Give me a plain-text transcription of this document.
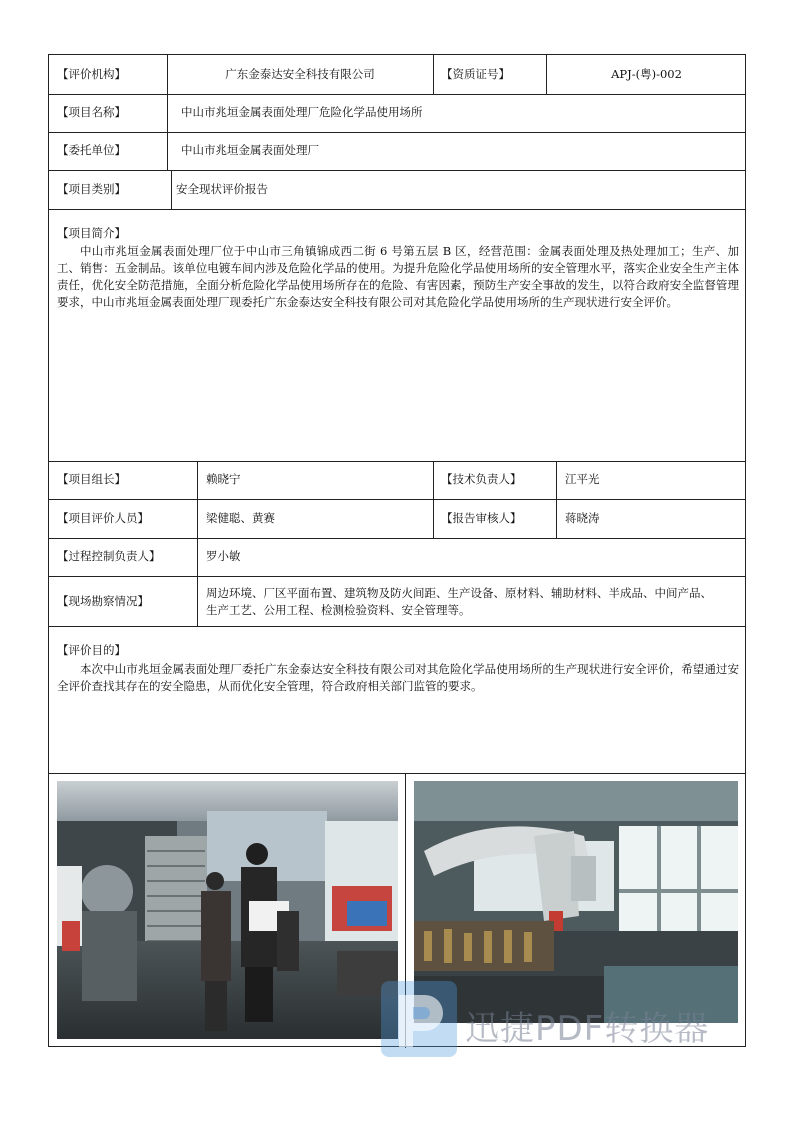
【评价机构】	广东金泰达安全科技有限公司	【资质证号】	APJ-(粤)-002
【项目名称】	中山市兆垣金属表面处理厂危险化学品使用场所
【委托单位】	中山市兆垣金属表面处理厂
【项目类别】	安全现状评价报告
【项目简介】
中山市兆垣金属表面处理厂位于中山市三角镇锦成西二街 6 号第五层 B 区，经营范围：金属表面处理及热处理加工；生产、加工、销售：五金制品。该单位电镀车间内涉及危险化学品的使用。为提升危险化学品使用场所的安全管理水平，落实企业安全生产主体责任，优化安全防范措施，全面分析危险化学品使用场所存在的危险、有害因素，预防生产安全事故的发生，以符合政府安全监督管理要求，中山市兆垣金属表面处理厂现委托广东金泰达安全科技有限公司对其危险化学品使用场所的生产现状进行安全评价。
【项目组长】	赖晓宁	【技术负责人】	江平光
【项目评价人员】	梁健聪、黄赛	【报告审核人】	蒋晓涛
【过程控制负责人】	罗小敏
【现场勘察情况】
周边环境、厂区平面布置、建筑物及防火间距、生产设备、原材料、辅助材料、半成品、中间产品、
生产工艺、公用工程、检测检验资料、安全管理等。
【评价目的】
本次中山市兆垣金属表面处理厂委托广东金泰达安全科技有限公司对其危险化学品使用场所的生产现状进行安全评价，希望通过安全评价查找其存在的安全隐患，从而优化安全管理，符合政府相关部门监管的要求。
迅捷PDF转换器
